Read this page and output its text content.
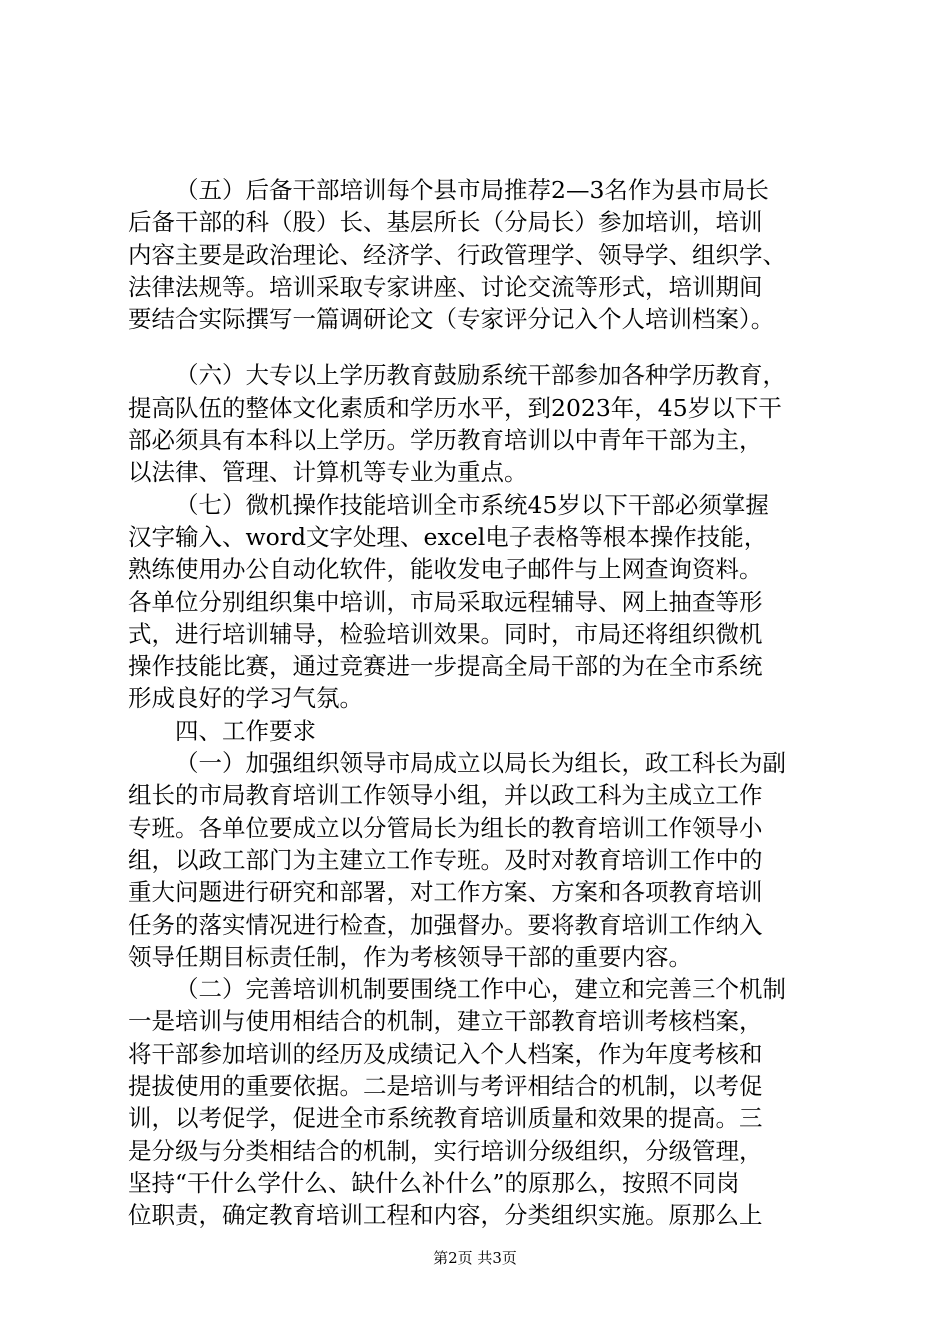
（五）后备干部培训每个县市局推荐2—3名作为县市局长
后备干部的科（股）长、基层所长（分局长）参加培训，培训
内容主要是政治理论、经济学、行政管理学、领导学、组织学、
法律法规等。培训采取专家讲座、讨论交流等形式，培训期间
要结合实际撰写一篇调研论文（专家评分记入个人培训档案）。
（六）大专以上学历教育鼓励系统干部参加各种学历教育，
提高队伍的整体文化素质和学历水平，到2023年，45岁以下干
部必须具有本科以上学历。学历教育培训以中青年干部为主，
以法律、管理、计算机等专业为重点。
（七）微机操作技能培训全市系统45岁以下干部必须掌握
汉字输入、word文字处理、excel电子表格等根本操作技能，
熟练使用办公自动化软件，能收发电子邮件与上网查询资料。
各单位分别组织集中培训，市局采取远程辅导、网上抽查等形
式，进行培训辅导，检验培训效果。同时，市局还将组织微机
操作技能比赛，通过竞赛进一步提高全局干部的为在全市系统
形成良好的学习气氛。
四、工作要求
（一）加强组织领导市局成立以局长为组长，政工科长为副
组长的市局教育培训工作领导小组，并以政工科为主成立工作
专班。各单位要成立以分管局长为组长的教育培训工作领导小
组，以政工部门为主建立工作专班。及时对教育培训工作中的
重大问题进行研究和部署，对工作方案、方案和各项教育培训
任务的落实情况进行检查，加强督办。要将教育培训工作纳入
领导任期目标责任制，作为考核领导干部的重要内容。
（二）完善培训机制要围绕工作中心，建立和完善三个机制
一是培训与使用相结合的机制，建立干部教育培训考核档案，
将干部参加培训的经历及成绩记入个人档案，作为年度考核和
提拔使用的重要依据。二是培训与考评相结合的机制，以考促
训，以考促学，促进全市系统教育培训质量和效果的提高。三
是分级与分类相结合的机制，实行培训分级组织，分级管理，
坚持“干什么学什么、缺什么补什么”的原那么，按照不同岗
位职责，确定教育培训工程和内容，分类组织实施。原那么上
第2页 共3页
